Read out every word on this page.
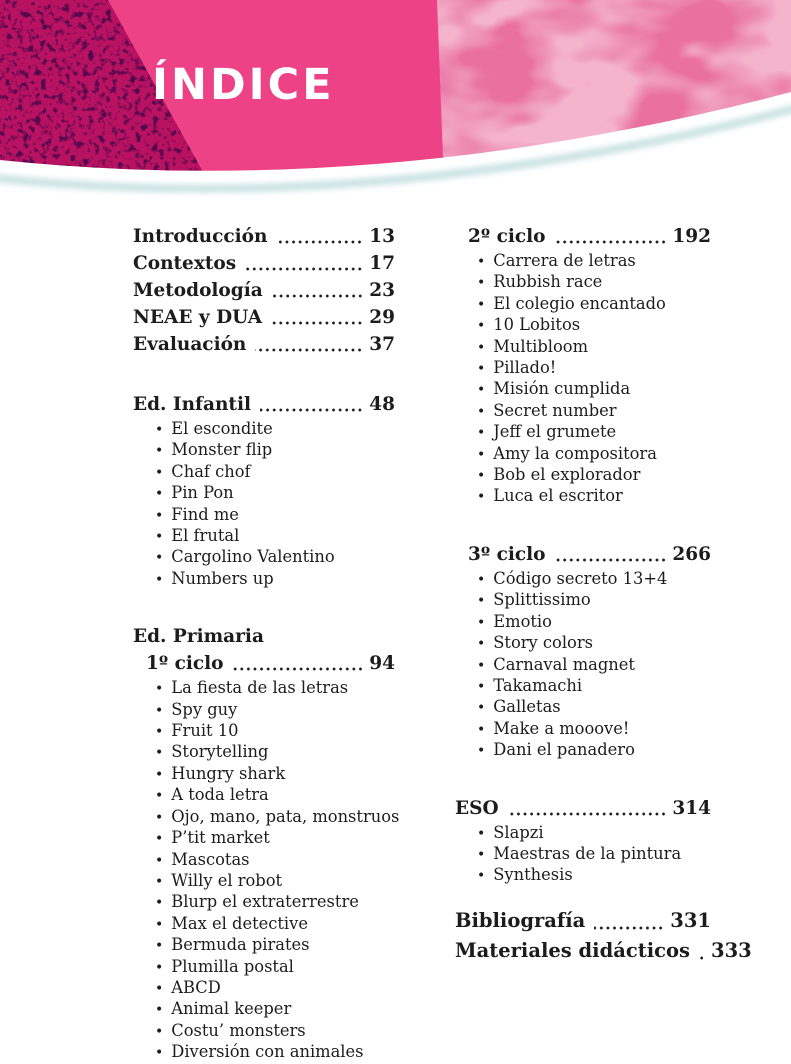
ÍNDICE
Introducción	13
Contextos	17
Metodología	23
NEAE y DUA	29
Evaluación	37
Ed. Infantil	48
• El escondite
• Monster flip
• Chaf chof
• Pin Pon
• Find me
• El frutal
• Cargolino Valentino
• Numbers up
Ed. Primaria
1º ciclo	94
• La fiesta de las letras
• Spy guy
• Fruit 10
• Storytelling
• Hungry shark
• A toda letra
• Ojo, mano, pata, monstruos
• P’tit market
• Mascotas
• Willy el robot
• Blurp el extraterrestre
• Max el detective
• Bermuda pirates
• Plumilla postal
• ABCD
• Animal keeper
• Costu’ monsters
• Diversión con animales
2º ciclo	192
• Carrera de letras
• Rubbish race
• El colegio encantado
• 10 Lobitos
• Multibloom
• Pillado!
• Misión cumplida
• Secret number
• Jeff el grumete
• Amy la compositora
• Bob el explorador
• Luca el escritor
3º ciclo	266
• Código secreto 13+4
• Splittissimo
• Emotio
• Story colors
• Carnaval magnet
• Takamachi
• Galletas
• Make a mooove!
• Dani el panadero
ESO	314
• Slapzi
• Maestras de la pintura
• Synthesis
Bibliografía	331
Materiales didácticos 333
